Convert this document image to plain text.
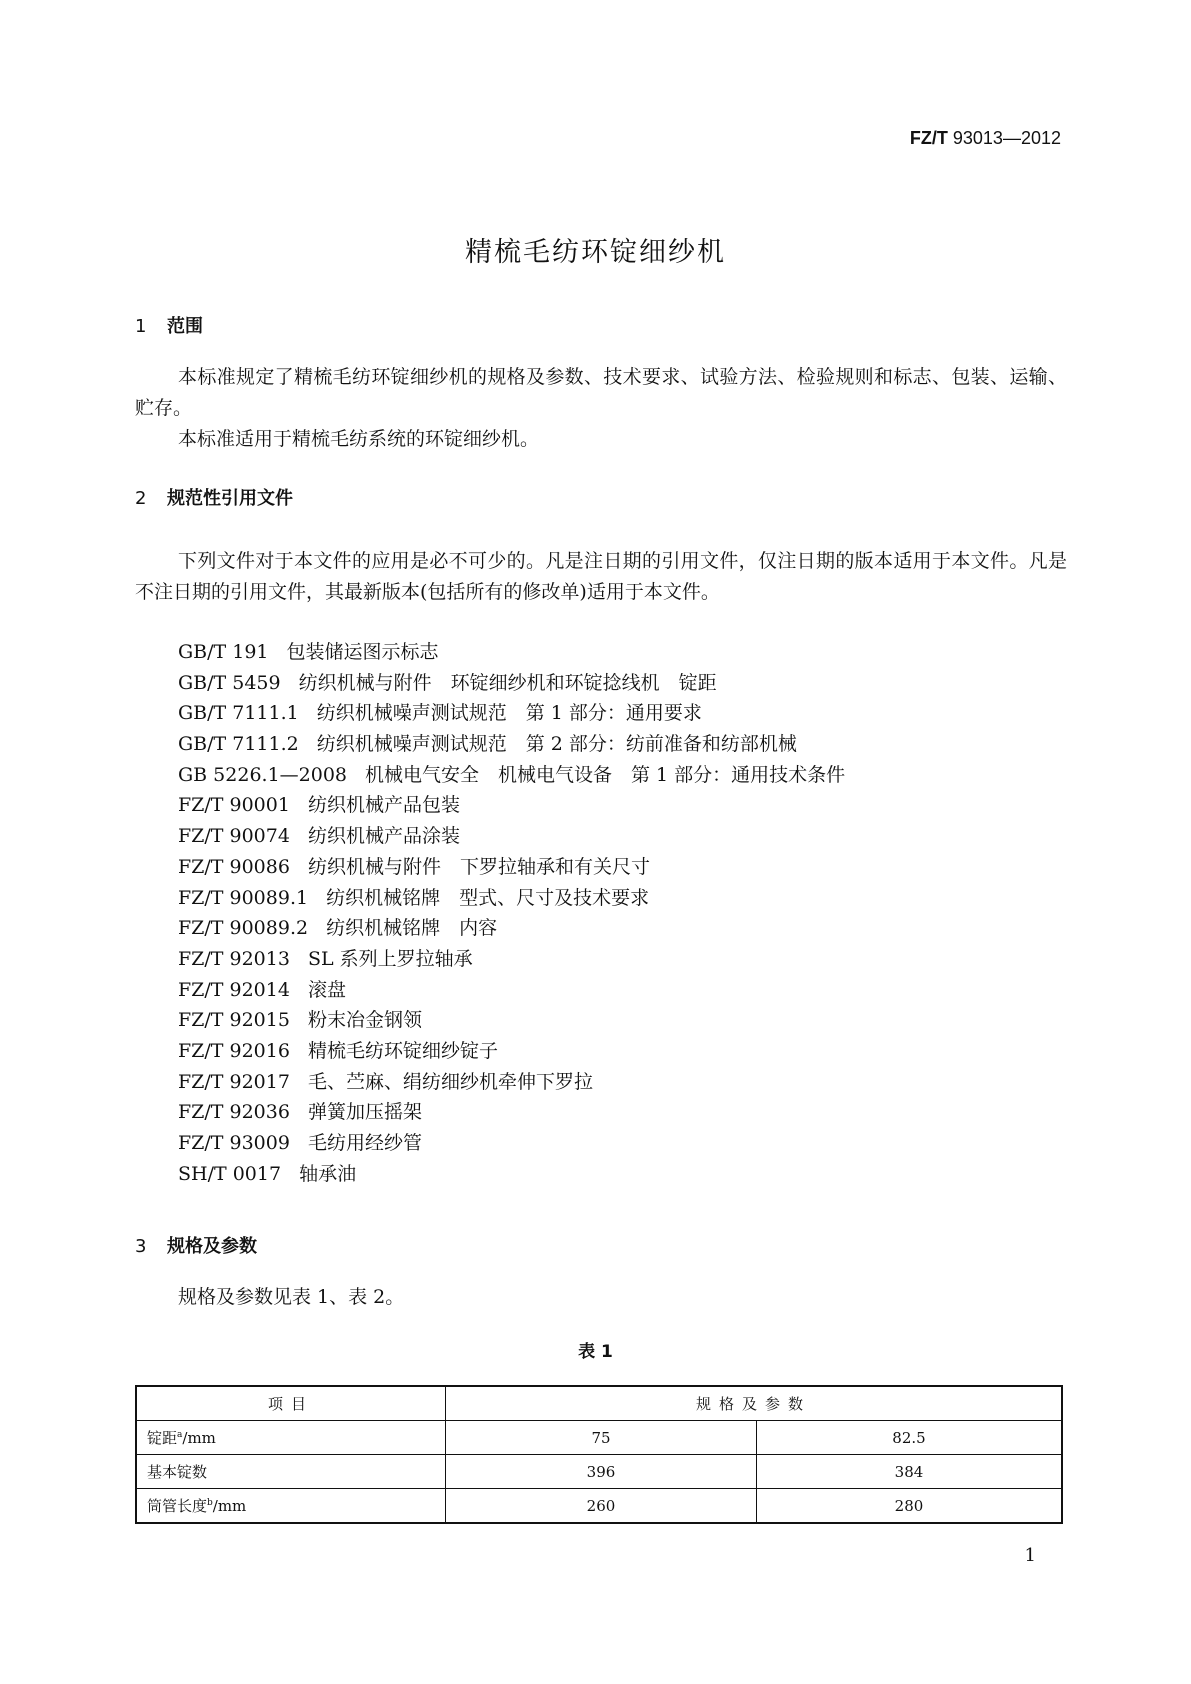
FZ/T 93013—2012
精梳毛纺环锭细纱机
1 范围

本标准规定了精梳毛纺环锭细纱机的规格及参数、技术要求、试验方法、检验规则和标志、包装、运输、贮存。

本标准适用于精梳毛纺系统的环锭细纱机。

2 规范性引用文件

下列文件对于本文件的应用是必不可少的。凡是注日期的引用文件，仅注日期的版本适用于本文件。凡是不注日期的引用文件，其最新版本(包括所有的修改单)适用于本文件。

GB/T 191 包装储运图示标志
GB/T 5459 纺织机械与附件　环锭细纱机和环锭捻线机　锭距
GB/T 7111.1 纺织机械噪声测试规范　第 1 部分：通用要求
GB/T 7111.2 纺织机械噪声测试规范　第 2 部分：纺前准备和纺部机械
GB 5226.1—2008 机械电气安全　机械电气设备　第 1 部分：通用技术条件
FZ/T 90001 纺织机械产品包装
FZ/T 90074 纺织机械产品涂装
FZ/T 90086 纺织机械与附件　下罗拉轴承和有关尺寸
FZ/T 90089.1 纺织机械铭牌　型式、尺寸及技术要求
FZ/T 90089.2 纺织机械铭牌　内容
FZ/T 92013 SL 系列上罗拉轴承
FZ/T 92014 滚盘
FZ/T 92015 粉末冶金钢领
FZ/T 92016 精梳毛纺环锭细纱锭子
FZ/T 92017 毛、苎麻、绢纺细纱机牵伸下罗拉
FZ/T 92036 弹簧加压摇架
FZ/T 93009 毛纺用经纱管
SH/T 0017 轴承油
3 规格及参数

规格及参数见表 1、表 2。

表 1
项目	规格及参数	
锭距$^a$/mm	75	82.5
基本锭数	396	384
筒管长度$^b$/mm	260	280
1
